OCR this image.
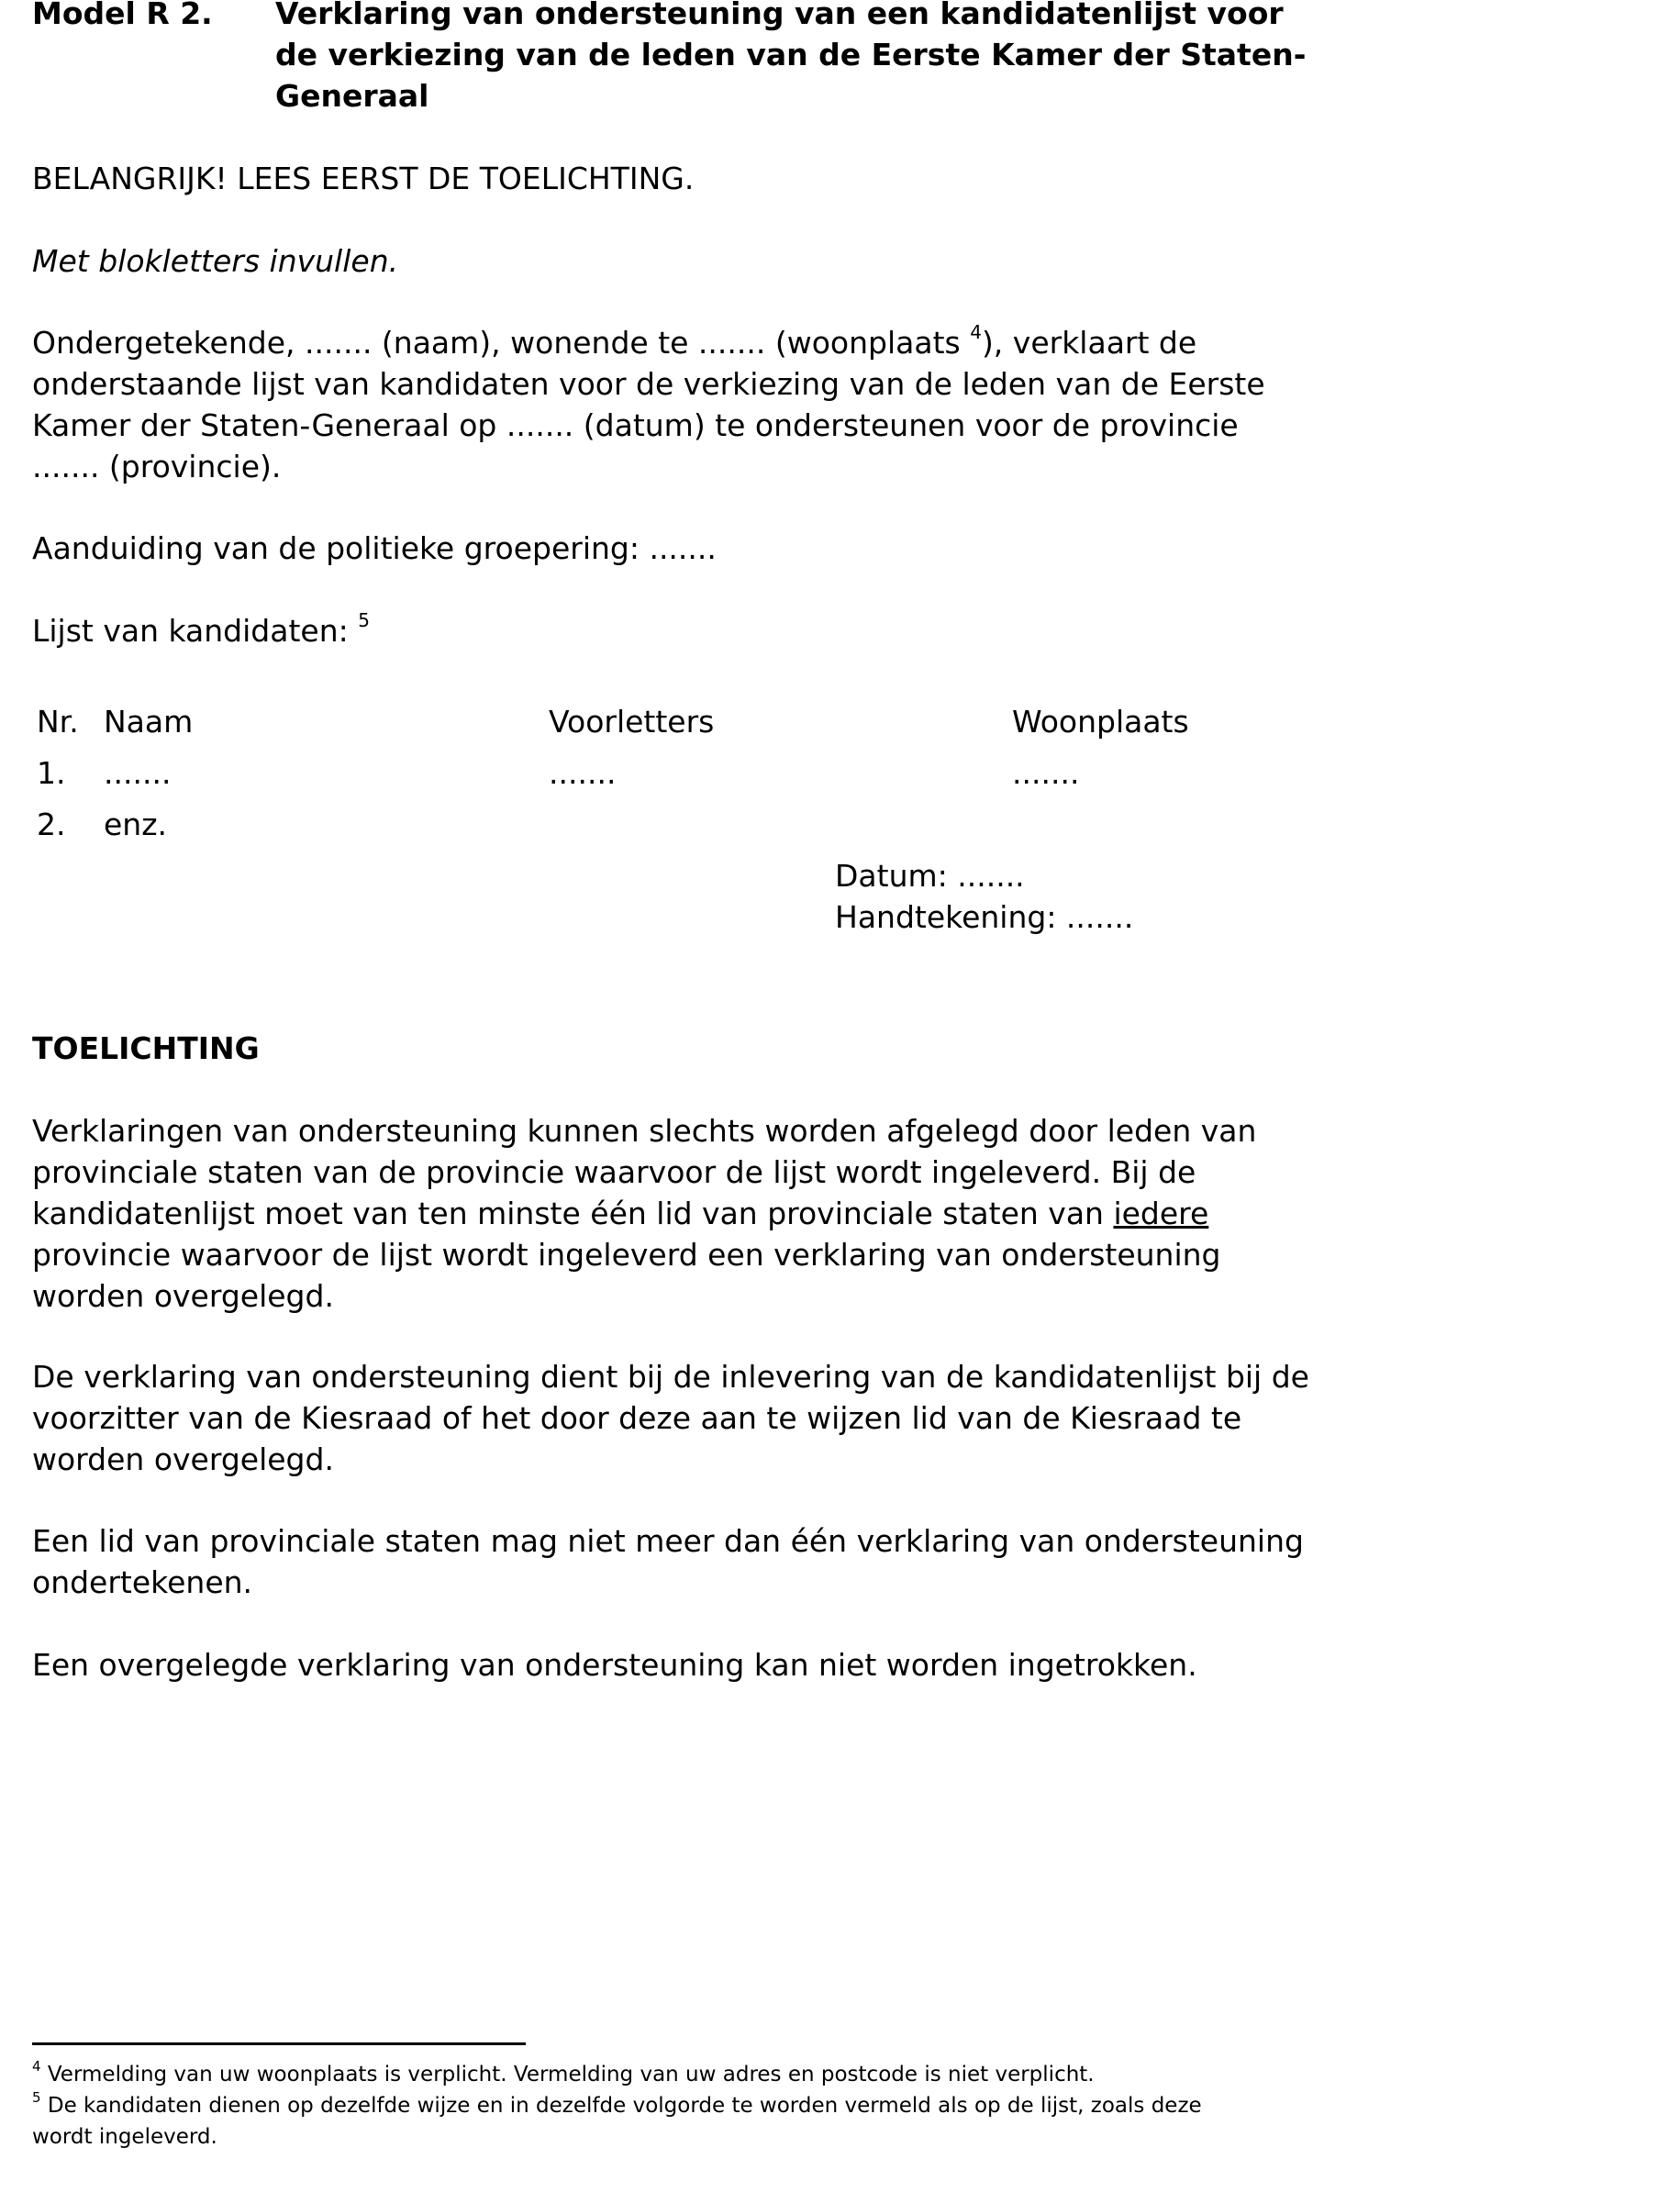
Model R 2. Verklaring van ondersteuning van een kandidatenlijst voor
de verkiezing van de leden van de Eerste Kamer der Staten-
Generaal
BELANGRIJK! LEES EERST DE TOELICHTING.
Met blokletters invullen.
Ondergetekende, ....... (naam), wonende te ....... (woonplaats $^4$), verklaart de
onderstaande lijst van kandidaten voor de verkiezing van de leden van de Eerste
Kamer der Staten-Generaal op ....... (datum) te ondersteunen voor de provincie
....... (provincie).
Aanduiding van de politieke groepering: .......
Lijst van kandidaten: $^5$
Nr. Naam	Voorletters	Woonplaats
1. .......	.......	.......
2. enz.
Datum: .......
Handtekening: .......
TOELICHTING
Verklaringen van ondersteuning kunnen slechts worden afgelegd door leden van
provinciale staten van de provincie waarvoor de lijst wordt ingeleverd. Bij de
kandidatenlijst moet van ten minste één lid van provinciale staten van iedere
provincie waarvoor de lijst wordt ingeleverd een verklaring van ondersteuning
worden overgelegd.
De verklaring van ondersteuning dient bij de inlevering van de kandidatenlijst bij de
voorzitter van de Kiesraad of het door deze aan te wijzen lid van de Kiesraad te
worden overgelegd.
Een lid van provinciale staten mag niet meer dan één verklaring van ondersteuning
ondertekenen.
Een overgelegde verklaring van ondersteuning kan niet worden ingetrokken.
$^4$ Vermelding van uw woonplaats is verplicht. Vermelding van uw adres en postcode is niet verplicht.
$^5$ De kandidaten dienen op dezelfde wijze en in dezelfde volgorde te worden vermeld als op de lijst, zoals deze
wordt ingeleverd.
